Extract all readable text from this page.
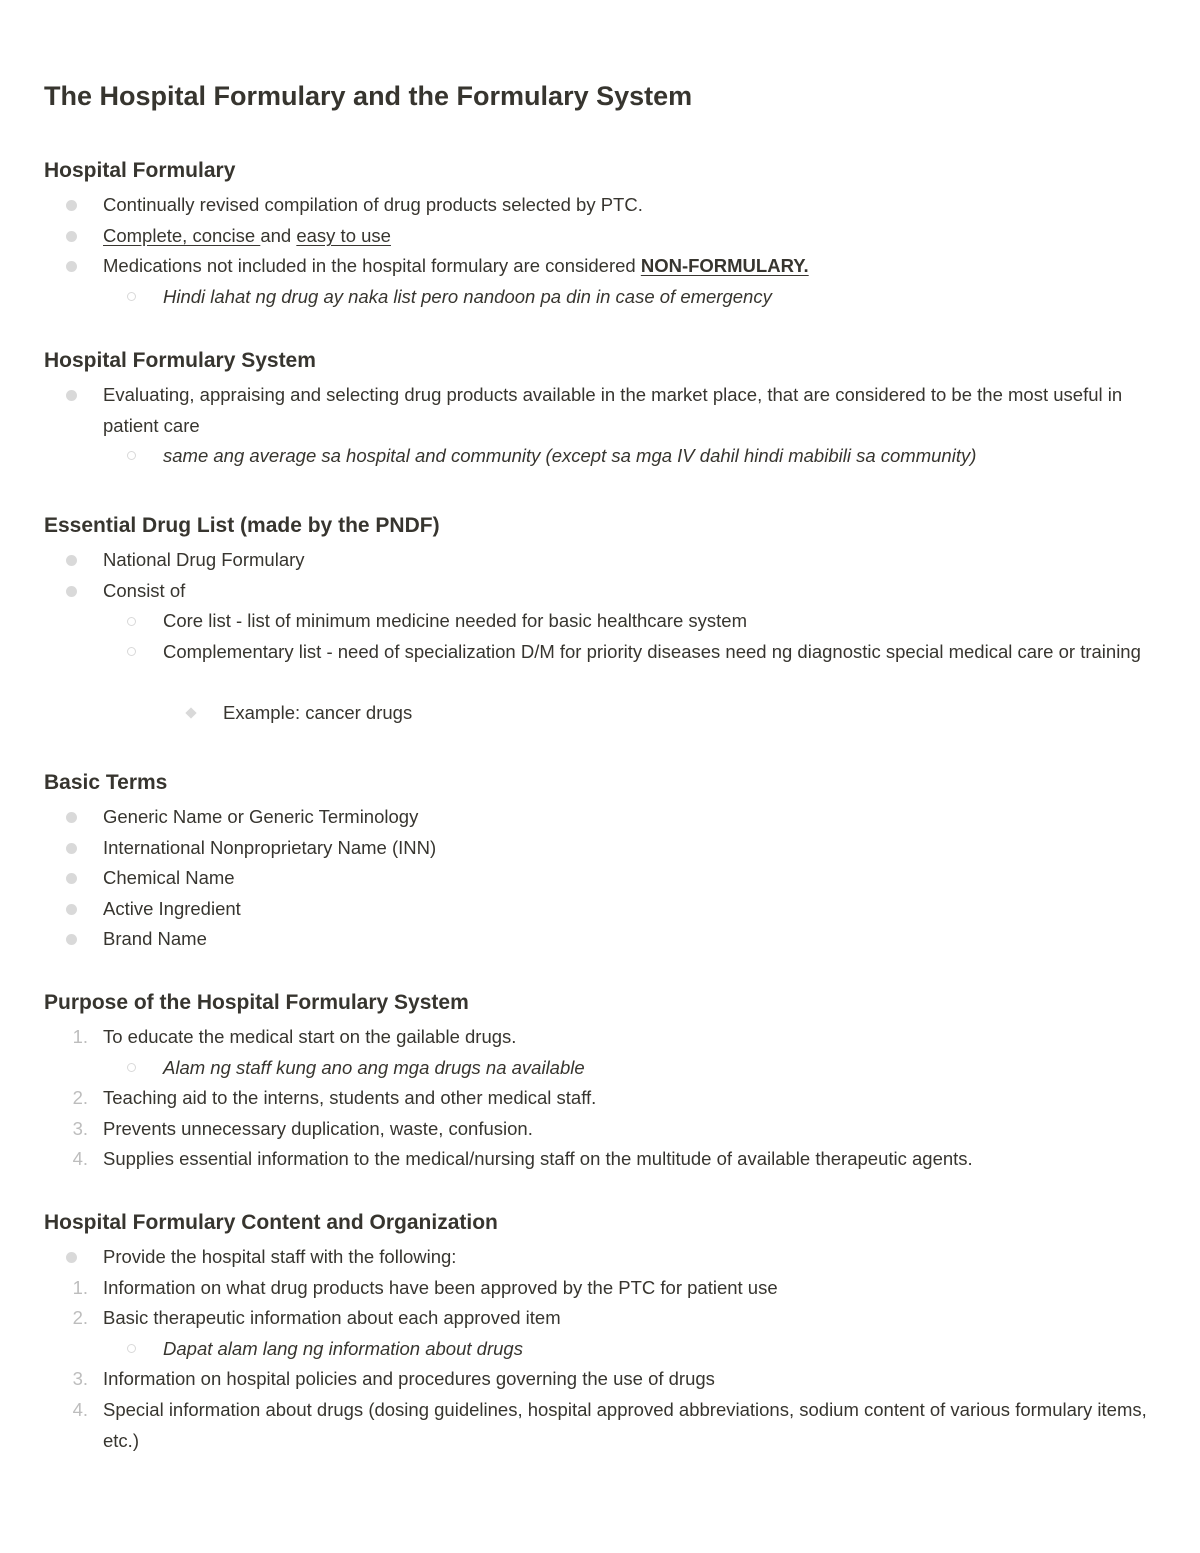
The Hospital Formulary and the Formulary System
Hospital Formulary
Continually revised compilation of drug products selected by PTC.
Complete, concise and easy to use
Medications not included in the hospital formulary are considered NON-FORMULARY.
Hindi lahat ng drug ay naka list pero nandoon pa din in case of emergency
Hospital Formulary System
Evaluating, appraising and selecting drug products available in the market place, that are considered to be the most useful in patient care
same ang average sa hospital and community (except sa mga IV dahil hindi mabibili sa community)
Essential Drug List (made by the PNDF)
National Drug Formulary
Consist of
Core list - list of minimum medicine needed for basic healthcare system
Complementary list - need of specialization D/M for priority diseases need ng diagnostic special medical care or training
Example: cancer drugs
Basic Terms
Generic Name or Generic Terminology
International Nonproprietary Name (INN)
Chemical Name
Active Ingredient
Brand Name
Purpose of the Hospital Formulary System
1. To educate the medical start on the gailable drugs.
Alam ng staff kung ano ang mga drugs na available
2. Teaching aid to the interns, students and other medical staff.
3. Prevents unnecessary duplication, waste, confusion.
4. Supplies essential information to the medical/nursing staff on the multitude of available therapeutic agents.
Hospital Formulary Content and Organization
Provide the hospital staff with the following:
1. Information on what drug products have been approved by the PTC for patient use
2. Basic therapeutic information about each approved item
Dapat alam lang ng information about drugs
3. Information on hospital policies and procedures governing the use of drugs
4. Special information about drugs (dosing guidelines, hospital approved abbreviations, sodium content of various formulary items, etc.)
